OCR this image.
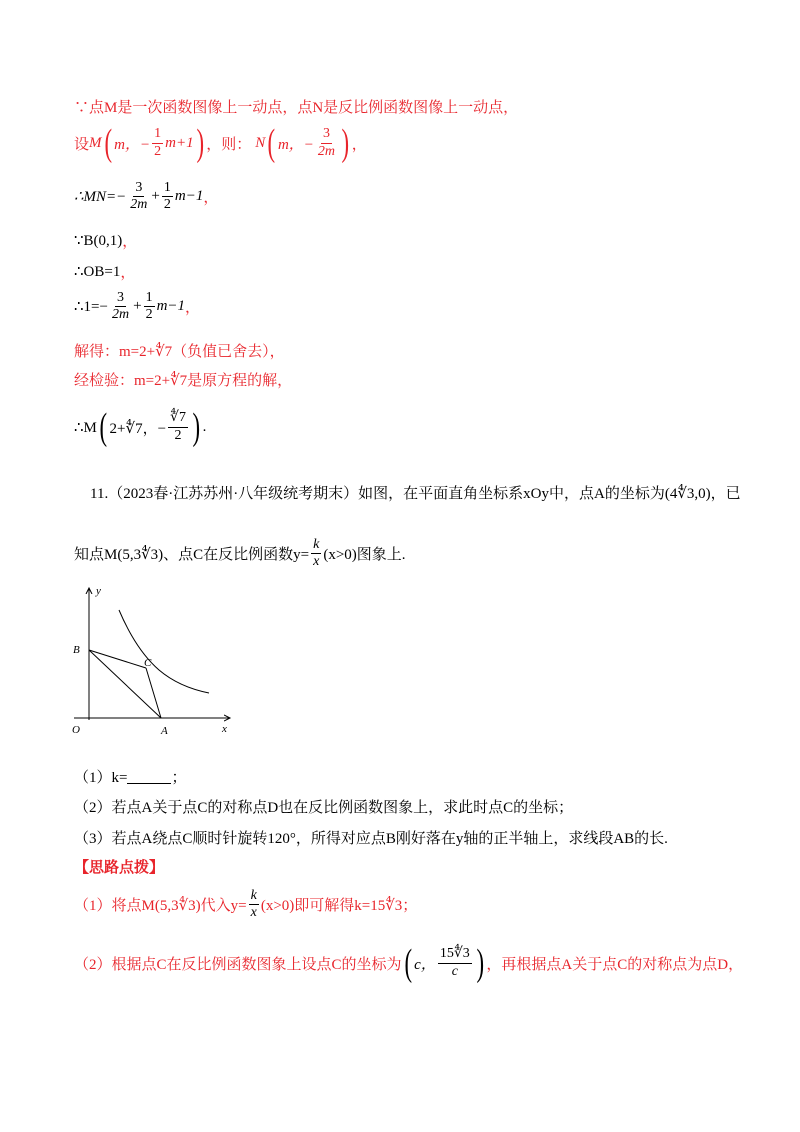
∵点M是一次函数图像上一动点，点N是反比例函数图像上一动点，
设 M ( m，− $\frac{1}{2} m+1$ ) ，则： N ( m，− $\frac{3}{2m}$ ) ，
∴MN=− $\frac{3}{2m} + \frac{1}{2} m-1$ ，
∵B(0,1) ，
∴OB=1 ，
∴1=− $\frac{3}{2m} + \frac{1}{2} m-1$ ，
解得：m=2+∜7（负值已舍去），
经检验：m=2+∜7是原方程的解，
∴M ( 2+∜7，− $\frac{∜7}{2}$ ) .
11.（2023春·江苏苏州·八年级统考期末）如图，在平面直角坐标系xOy中，点A的坐标为(4∜3,0)，已
知点M(5,3∜3)、点C在反比例函数$y= \frac{k}{x} (x>0)$图象上.
y
x
O	A
B
C
（1）k=	；
（2）若点A关于点C的对称点D也在反比例函数图象上，求此时点C的坐标；
（3）若点A绕点C顺时针旋转120°，所得对应点B刚好落在y轴的正半轴上，求线段AB的长.
【思路点拨】
（1）将点M(5,3∜3)代入$y= \frac{k}{x} (x>0)$即可解得k=15∜3；
（2）根据点C在反比例函数图象上设点C的坐标为 ( c， $\frac{15∜3}{c}$ ) ，再根据点A关于点C的对称点为点D，
